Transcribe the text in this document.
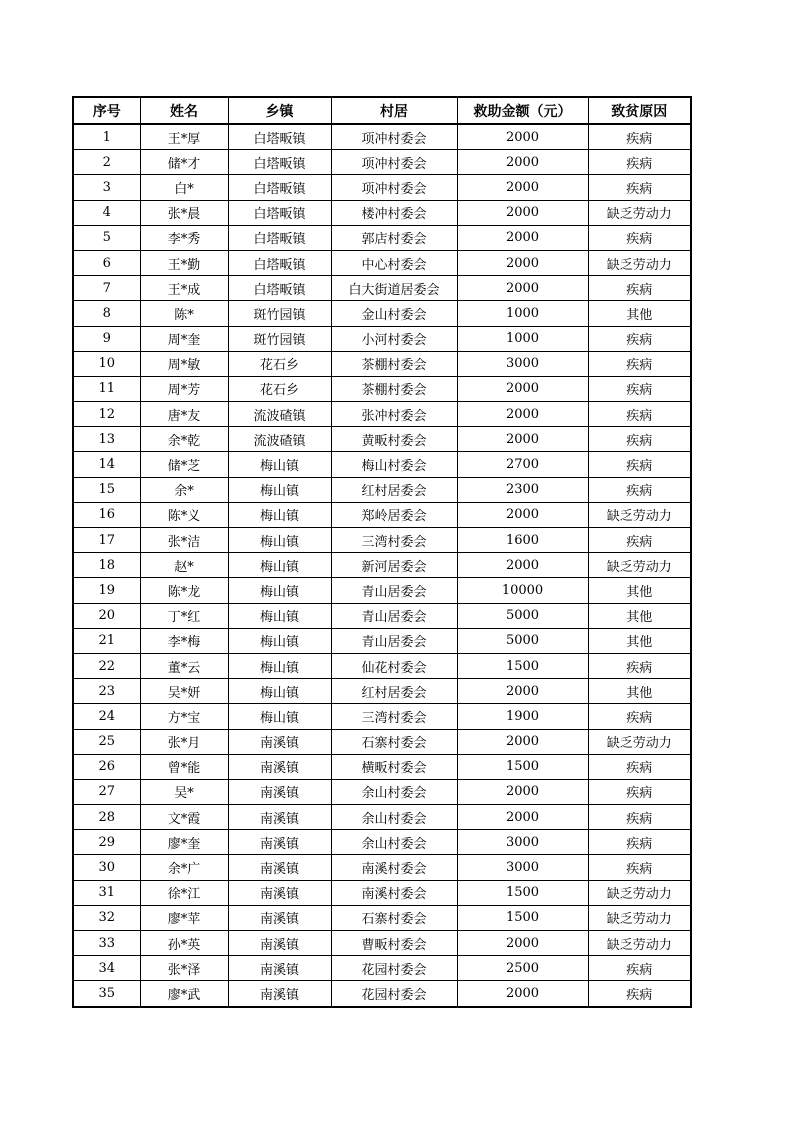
序号	姓名	乡镇	村居	救助金额（元）	致贫原因
1	王*厚	白塔畈镇	项冲村委会	2000	疾病
2	储*才	白塔畈镇	项冲村委会	2000	疾病
3	白*	白塔畈镇	项冲村委会	2000	疾病
4	张*晨	白塔畈镇	楼冲村委会	2000	缺乏劳动力
5	李*秀	白塔畈镇	郭店村委会	2000	疾病
6	王*勤	白塔畈镇	中心村委会	2000	缺乏劳动力
7	王*成	白塔畈镇	白大街道居委会	2000	疾病
8	陈*	斑竹园镇	金山村委会	1000	其他
9	周*奎	斑竹园镇	小河村委会	1000	疾病
10	周*敏	花石乡	茶棚村委会	3000	疾病
11	周*芳	花石乡	茶棚村委会	2000	疾病
12	唐*友	流波碴镇	张冲村委会	2000	疾病
13	余*乾	流波碴镇	黄畈村委会	2000	疾病
14	储*芝	梅山镇	梅山村委会	2700	疾病
15	余*	梅山镇	红村居委会	2300	疾病
16	陈*义	梅山镇	郑岭居委会	2000	缺乏劳动力
17	张*洁	梅山镇	三湾村委会	1600	疾病
18	赵*	梅山镇	新河居委会	2000	缺乏劳动力
19	陈*龙	梅山镇	青山居委会	10000	其他
20	丁*红	梅山镇	青山居委会	5000	其他
21	李*梅	梅山镇	青山居委会	5000	其他
22	董*云	梅山镇	仙花村委会	1500	疾病
23	吴*妍	梅山镇	红村居委会	2000	其他
24	方*宝	梅山镇	三湾村委会	1900	疾病
25	张*月	南溪镇	石寨村委会	2000	缺乏劳动力
26	曾*能	南溪镇	横畈村委会	1500	疾病
27	吴*	南溪镇	余山村委会	2000	疾病
28	文*霞	南溪镇	余山村委会	2000	疾病
29	廖*奎	南溪镇	余山村委会	3000	疾病
30	余*广	南溪镇	南溪村委会	3000	疾病
31	徐*江	南溪镇	南溪村委会	1500	缺乏劳动力
32	廖*苹	南溪镇	石寨村委会	1500	缺乏劳动力
33	孙*英	南溪镇	曹畈村委会	2000	缺乏劳动力
34	张*泽	南溪镇	花园村委会	2500	疾病
35	廖*武	南溪镇	花园村委会	2000	疾病
